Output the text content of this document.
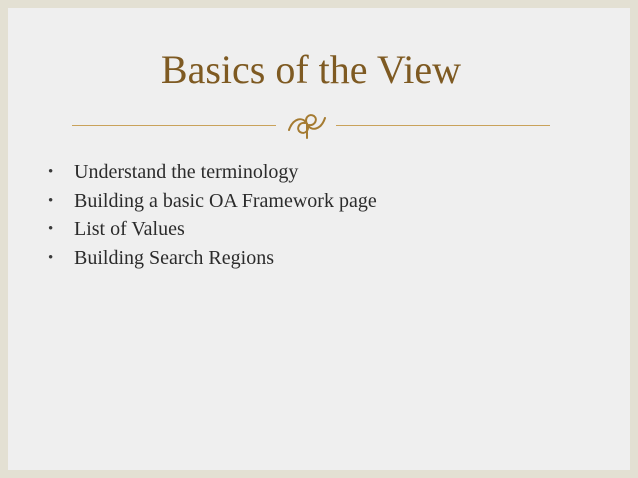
Basics of the View
• Understand the terminology
• Building a basic OA Framework page
• List of Values
• Building Search Regions
